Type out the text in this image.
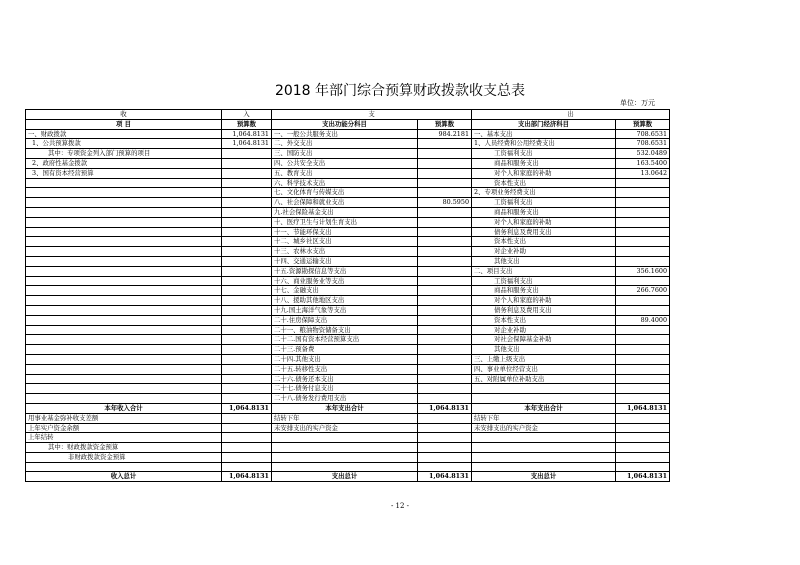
2018 年部门综合预算财政拨款收支总表
单位：万元
收	入	支		出	
项 目	预算数	支出功能分科目	预算数	支出部门经济科目	预算数
一、财政拨款	1,064.8131	一、一般公共服务支出	984.2181	一、基本支出	708.6531
1、公共预算拨款	1,064.8131	二、外交支出		1、人员经费和公用经费支出	708.6531
其中：专项资金列入部门预算的项目		三、国防支出		工资福利支出	532.0489
2、政府性基金拨款		四、公共安全支出		商品和服务支出	163.5400
3、国有资本经营预算		五、教育支出		对个人和家庭的补助	13.0642
		六、科学技术支出		资本性支出	
		七、文化体育与传媒支出		2、专项业务经费支出	
		八、社会保障和就业支出	80.5950	工资福利支出	
		九.社会保险基金支出		商品和服务支出	
		十、医疗卫生与计划生育支出		对个人和家庭的补助	
		十一、节能环保支出		债务利息及费用支出	
		十二、城乡社区支出		资本性支出	
		十三、农林水支出		对企业补助	
		十四、交通运输支出		其他支出	
		十五.资源勘探信息等支出		二、项目支出	356.1600
		十六、商业服务业等支出		工资福利支出	
		十七、金融支出		商品和服务支出	266.7600
		十八、援助其他地区支出		对个人和家庭的补助	
		十九.国土海洋气象等支出		债务利息及费用支出	
		二十.住房保障支出		资本性支出	89.4000
		二十一、粮油物资储备支出		对企业补助	
		二十二.国有资本经营预算支出		对社会保障基金补助	
		二十三.预备费		其他支出	
		二十四.其他支出		三、上缴上级支出	
		二十五.转移性支出		四、事业单位经营支出	
		二十六.债务还本支出		五、对附属单位补助支出	
		二十七.债务付息支出			
		二十八.债务发行费用支出			
本年收入合计	1,064.8131	本年支出合计	1,064.8131	本年支出合计	1,064.8131
用事业基金弥补收支差额		结转下年		结转下年	
上年实户资金余额		未安排支出的实户资金		未安排支出的实户资金	
上年结转					
其中：财政拨款资金预算					
非财政拨款资金预算					

收入总计	1,064.8131	支出总计	1,064.8131	支出总计	1,064.8131
- 12 -
